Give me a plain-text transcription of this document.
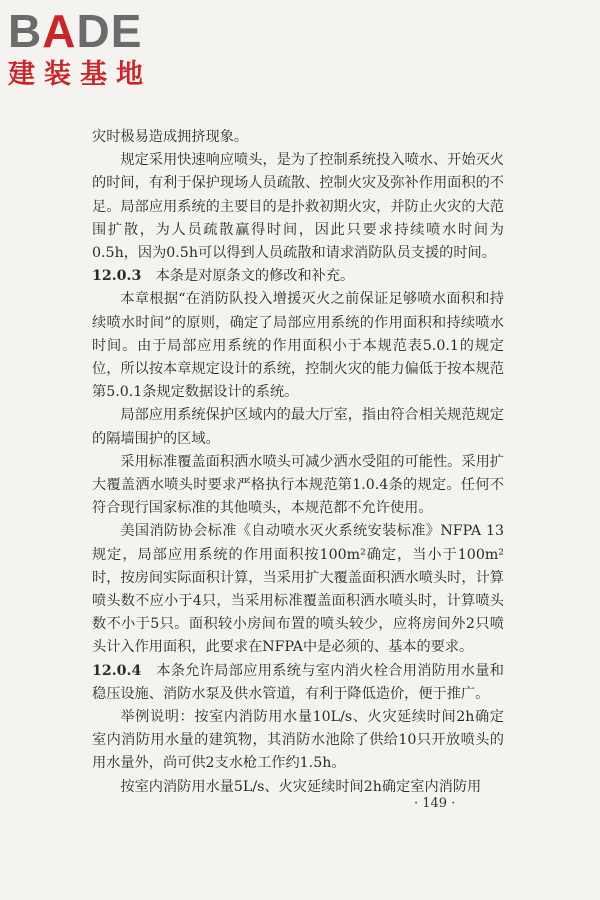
BADE
建装基地

灾时极易造成拥挤现象。

规定采用快速响应喷头，是为了控制系统投入喷水、开始灭火的时间，有利于保护现场人员疏散、控制火灾及弥补作用面积的不足。局部应用系统的主要目的是扑救初期火灾，并防止火灾的大范围扩散，为人员疏散赢得时间，因此只要求持续喷水时间为0.5h，因为0.5h可以得到人员疏散和请求消防队员支援的时间。

12.0.3　本条是对原条文的修改和补充。

本章根据“在消防队投入增援灭火之前保证足够喷水面积和持续喷水时间”的原则，确定了局部应用系统的作用面积和持续喷水时间。由于局部应用系统的作用面积小于本规范表5.0.1的规定位，所以按本章规定设计的系统，控制火灾的能力偏低于按本规范第5.0.1条规定数据设计的系统。

局部应用系统保护区域内的最大厅室，指由符合相关规范规定的隔墙围护的区域。

采用标准覆盖面积洒水喷头可减少洒水受阻的可能性。采用扩大覆盖洒水喷头时要求严格执行本规范第1.0.4条的规定。任何不符合现行国家标准的其他喷头，本规范都不允许使用。

美国消防协会标准《自动喷水灭火系统安装标准》NFPA 13规定，局部应用系统的作用面积按100m²确定，当小于100m²时，按房间实际面积计算，当采用扩大覆盖面积洒水喷头时，计算喷头数不应小于4只，当采用标准覆盖面积洒水喷头时，计算喷头数不小于5只。面积较小房间布置的喷头较少，应将房间外2只喷头计入作用面积，此要求在NFPA中是必须的、基本的要求。

12.0.4　本条允许局部应用系统与室内消火栓合用消防用水量和稳压设施、消防水泵及供水管道，有利于降低造价，便于推广。

举例说明：按室内消防用水量10L/s、火灾延续时间2h确定室内消防用水量的建筑物，其消防水池除了供给10只开放喷头的用水量外，尚可供2支水枪工作约1.5h。

按室内消防用水量5L/s、火灾延续时间2h确定室内消防用

· 149 ·
